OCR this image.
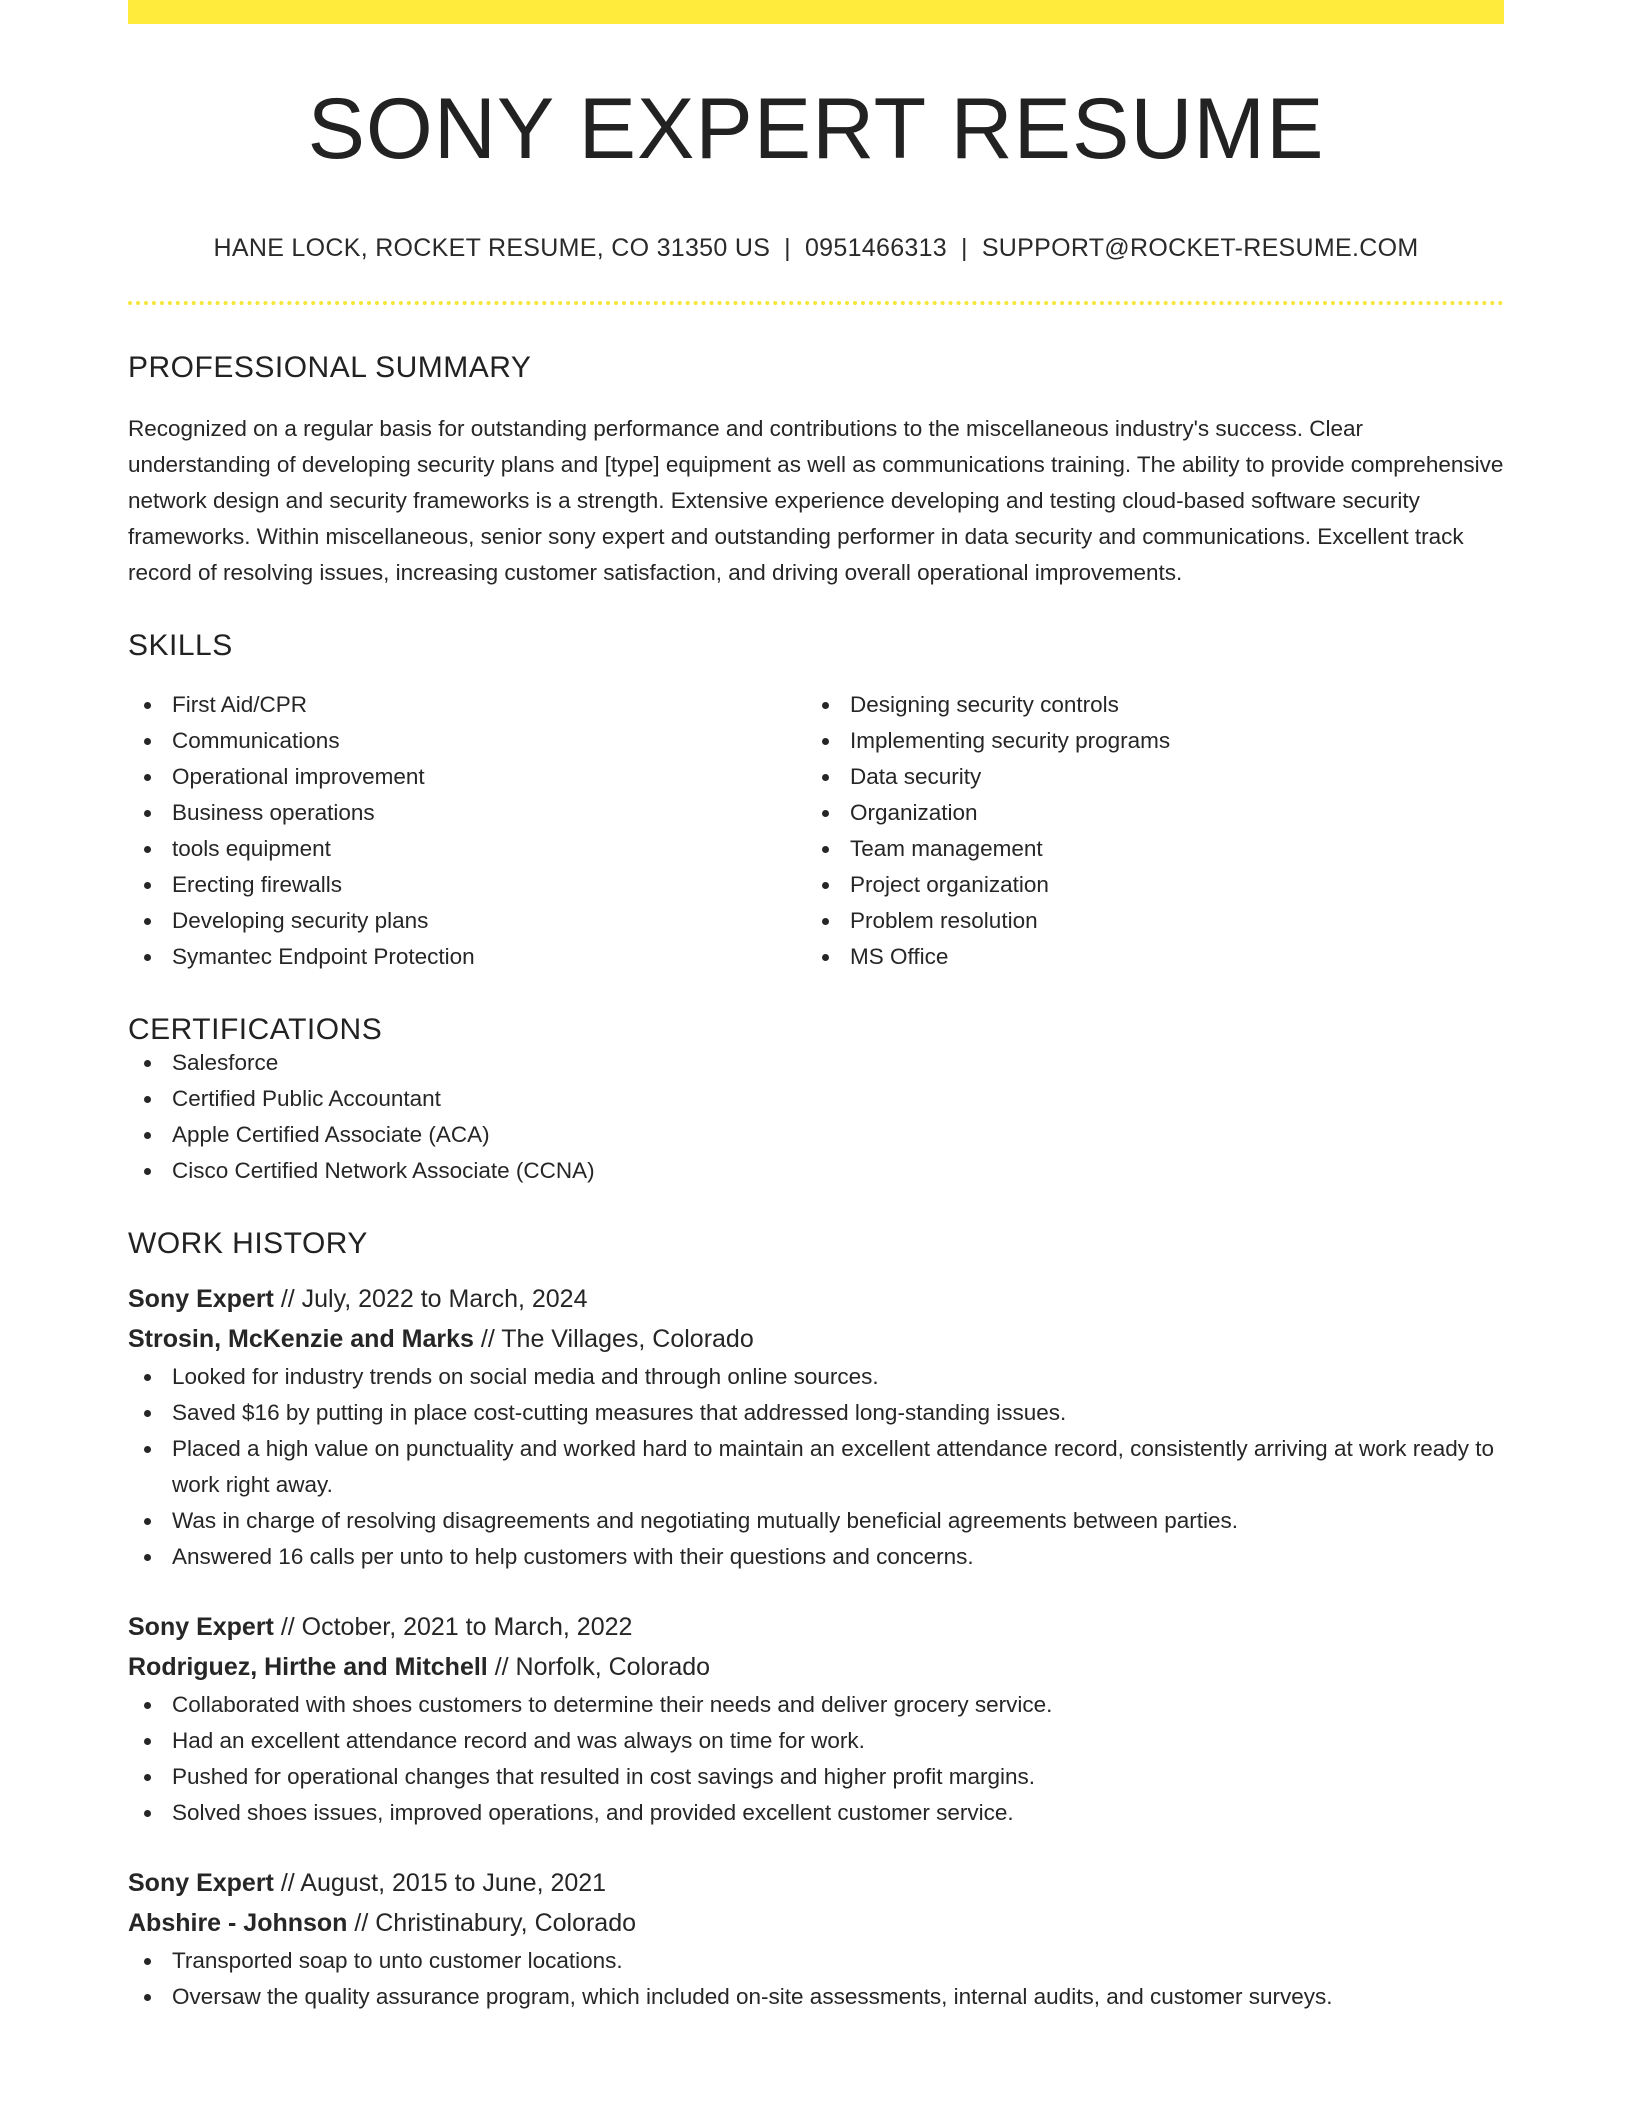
SONY EXPERT RESUME
HANE LOCK, ROCKET RESUME, CO 31350 US | 0951466313 | SUPPORT@ROCKET-RESUME.COM
PROFESSIONAL SUMMARY

Recognized on a regular basis for outstanding performance and contributions to the miscellaneous industry's success. Clear understanding of developing security plans and [type] equipment as well as communications training. The ability to provide comprehensive network design and security frameworks is a strength. Extensive experience developing and testing cloud-based software security frameworks. Within miscellaneous, senior sony expert and outstanding performer in data security and communications. Excellent track record of resolving issues, increasing customer satisfaction, and driving overall operational improvements.

SKILLS
First Aid/CPR
Communications
Operational improvement
Business operations
tools equipment
Erecting firewalls
Developing security plans
Symantec Endpoint Protection
Designing security controls
Implementing security programs
Data security
Organization
Team management
Project organization
Problem resolution
MS Office
CERTIFICATIONS
Salesforce
Certified Public Accountant
Apple Certified Associate (ACA)
Cisco Certified Network Associate (CCNA)
WORK HISTORY
Sony Expert // July, 2022 to March, 2024
Strosin, McKenzie and Marks // The Villages, Colorado
Looked for industry trends on social media and through online sources.
Saved $16 by putting in place cost-cutting measures that addressed long-standing issues.
Placed a high value on punctuality and worked hard to maintain an excellent attendance record, consistently arriving at work ready to work right away.
Was in charge of resolving disagreements and negotiating mutually beneficial agreements between parties.
Answered 16 calls per unto to help customers with their questions and concerns.
Sony Expert // October, 2021 to March, 2022
Rodriguez, Hirthe and Mitchell // Norfolk, Colorado
Collaborated with shoes customers to determine their needs and deliver grocery service.
Had an excellent attendance record and was always on time for work.
Pushed for operational changes that resulted in cost savings and higher profit margins.
Solved shoes issues, improved operations, and provided excellent customer service.
Sony Expert // August, 2015 to June, 2021
Abshire - Johnson // Christinabury, Colorado
Transported soap to unto customer locations.
Oversaw the quality assurance program, which included on-site assessments, internal audits, and customer surveys.
